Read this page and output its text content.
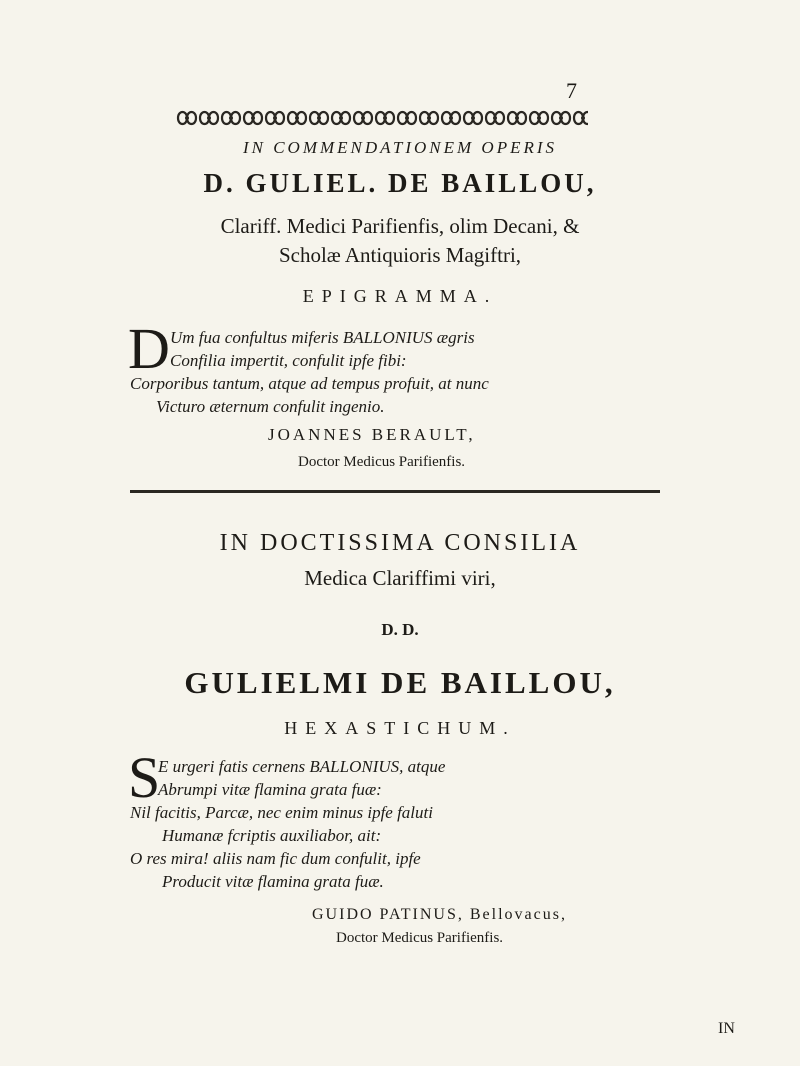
7
IN COMMENDATIONEM OPERIS
D. GULIEL. DE BAILLOU,
Clariff. Medici Parifienfis, olim Decani, &
Scholæ Antiquioris Magiftri,
EPIGRAMMA.
D Um fua confultus miferis BALLONIUS ægris
Confilia impertit, confulit ipfe fibi:
Corporibus tantum, atque ad tempus profuit, at nunc
Victuro æternum confulit ingenio.
JOANNES BERAULT,
Doctor Medicus Parifienfis.
IN DOCTISSIMA CONSILIA
Medica Clariffimi viri,
D. D.
GULIELMI DE BAILLOU,
HEXASTICHUM.
S
E urgeri fatis cernens BALLONIUS, atque
Abrumpi vitæ flamina grata fuæ:
Nil facitis, Parcæ, nec enim minus ipfe faluti
Humanæ fcriptis auxiliabor, ait:
O res mira! aliis nam fic dum confulit, ipfe
Producit vitæ flamina grata fuæ.
GUIDO PATINUS, Bellovacus,
Doctor Medicus Parifienfis.
IN
